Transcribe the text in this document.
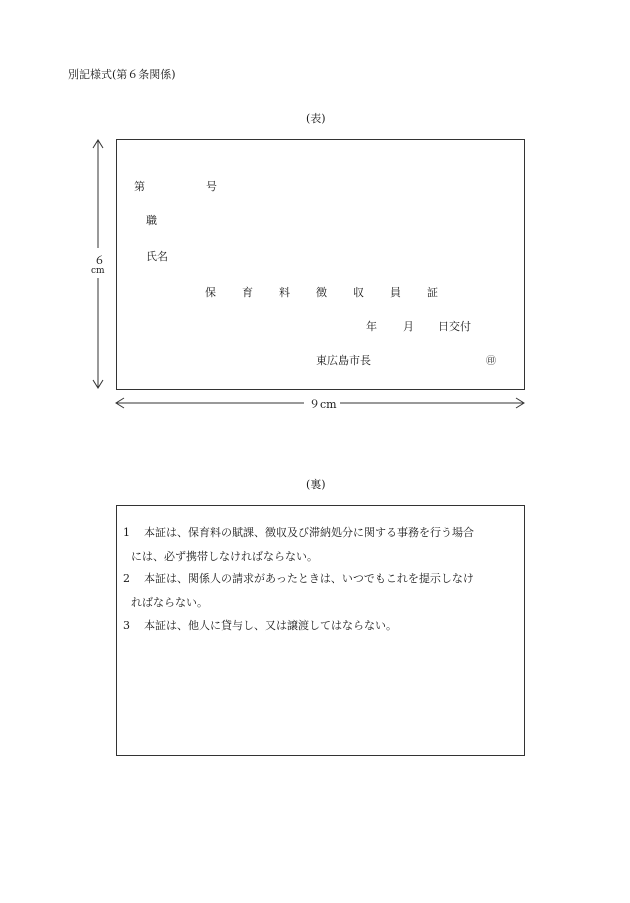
別記様式(第６条関係)
(表)
６
cm
第	号
職
氏名
保 育 料 徴 収 員 証
年 月 日交付
東広島市長	㊞
９cm
(裏)
1 本証は、保育料の賦課、徴収及び滞納処分に関する事務を行う場合
には、必ず携帯しなければならない。
2 本証は、関係人の請求があったときは、いつでもこれを提示しなけ
ればならない。
3 本証は、他人に貸与し、又は譲渡してはならない。
